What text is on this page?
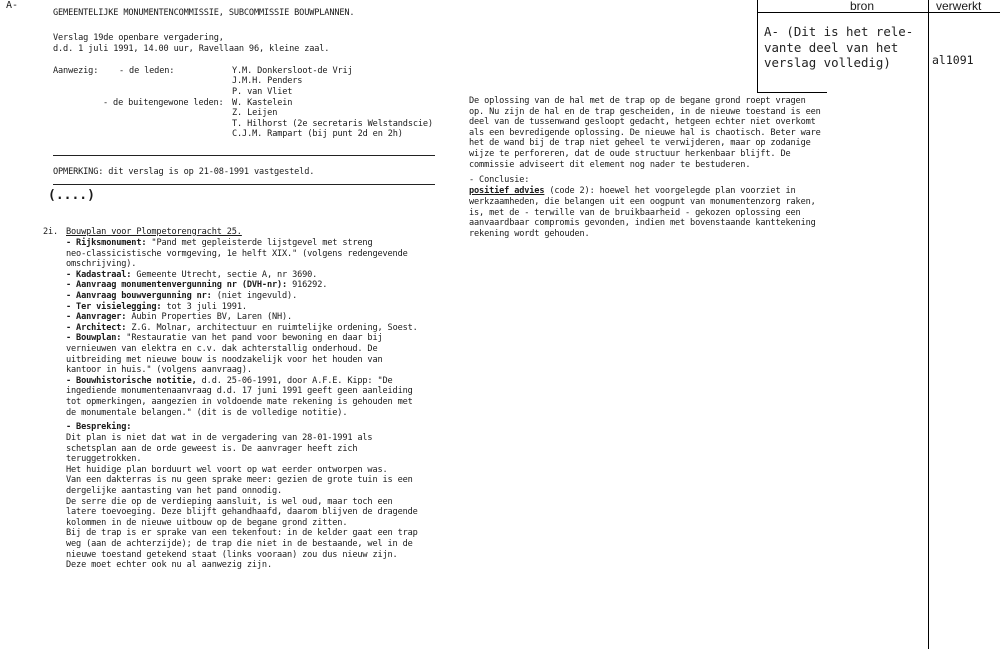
bron	verwerkt
A- (Dit is het rele-
vante deel van het
verslag volledig)	al1091
A-
GEMEENTELIJKE MONUMENTENCOMMISSIE, SUBCOMMISSIE BOUWPLANNEN.
Verslag 19de openbare vergadering,
d.d. 1 juli 1991, 14.00 uur, Ravellaan 96, kleine zaal.
Aanwezig: - de leden:
- de buitengewone leden:
Y.M. Donkersloot-de Vrij
J.M.H. Penders
P. van Vliet
W. Kastelein
Z. Leijen
T. Hilhorst (2e secretaris Welstandscie)
C.J.M. Rampart (bij punt 2d en 2h)
OPMERKING: dit verslag is op 21-08-1991 vastgesteld.
(....)
2i. Bouwplan voor Plompetorengracht 25.
- Rijksmonument: "Pand met gepleisterde lijstgevel met streng
neo-classicistische vormgeving, 1e helft XIX." (volgens redengevende
omschrijving).
- Kadastraal: Gemeente Utrecht, sectie A, nr 3690.
- Aanvraag monumentenvergunning nr (DVH-nr): 916292.
- Aanvraag bouwvergunning nr: (niet ingevuld).
- Ter visielegging: tot 3 juli 1991.
- Aanvrager: Aubin Properties BV, Laren (NH).
- Architect: Z.G. Molnar, architectuur en ruimtelijke ordening, Soest.
- Bouwplan: "Restauratie van het pand voor bewoning en daar bij
vernieuwen van elektra en c.v. dak achterstallig onderhoud. De
uitbreiding met nieuwe bouw is noodzakelijk voor het houden van
kantoor in huis." (volgens aanvraag).
- Bouwhistorische notitie, d.d. 25-06-1991, door A.F.E. Kipp: "De
ingediende monumentenaanvraag d.d. 17 juni 1991 geeft geen aanleiding
tot opmerkingen, aangezien in voldoende mate rekening is gehouden met
de monumentale belangen." (dit is de volledige notitie).
- Bespreking:
Dit plan is niet dat wat in de vergadering van 28-01-1991 als
schetsplan aan de orde geweest is. De aanvrager heeft zich
teruggetrokken.
Het huidige plan borduurt wel voort op wat eerder ontworpen was.
Van een dakterras is nu geen sprake meer: gezien de grote tuin is een
dergelijke aantasting van het pand onnodig.
De serre die op de verdieping aansluit, is wel oud, maar toch een
latere toevoeging. Deze blijft gehandhaafd, daarom blijven de dragende
kolommen in de nieuwe uitbouw op de begane grond zitten.
Bij de trap is er sprake van een tekenfout: in de kelder gaat een trap
weg (aan de achterzijde); de trap die niet in de bestaande, wel in de
nieuwe toestand getekend staat (links vooraan) zou dus nieuw zijn.
Deze moet echter ook nu al aanwezig zijn.
De oplossing van de hal met de trap op de begane grond roept vragen
op. Nu zijn de hal en de trap gescheiden, in de nieuwe toestand is een
deel van de tussenwand gesloopt gedacht, hetgeen echter niet overkomt
als een bevredigende oplossing. De nieuwe hal is chaotisch. Beter ware
het de wand bij de trap niet geheel te verwijderen, maar op zodanige
wijze te perforeren, dat de oude structuur herkenbaar blijft. De
commissie adviseert dit element nog nader te bestuderen.
- Conclusie:
positief advies (code 2): hoewel het voorgelegde plan voorziet in
werkzaamheden, die belangen uit een oogpunt van monumentenzorg raken,
is, met de - terwille van de bruikbaarheid - gekozen oplossing een
aanvaardbaar compromis gevonden, indien met bovenstaande kanttekening
rekening wordt gehouden.
